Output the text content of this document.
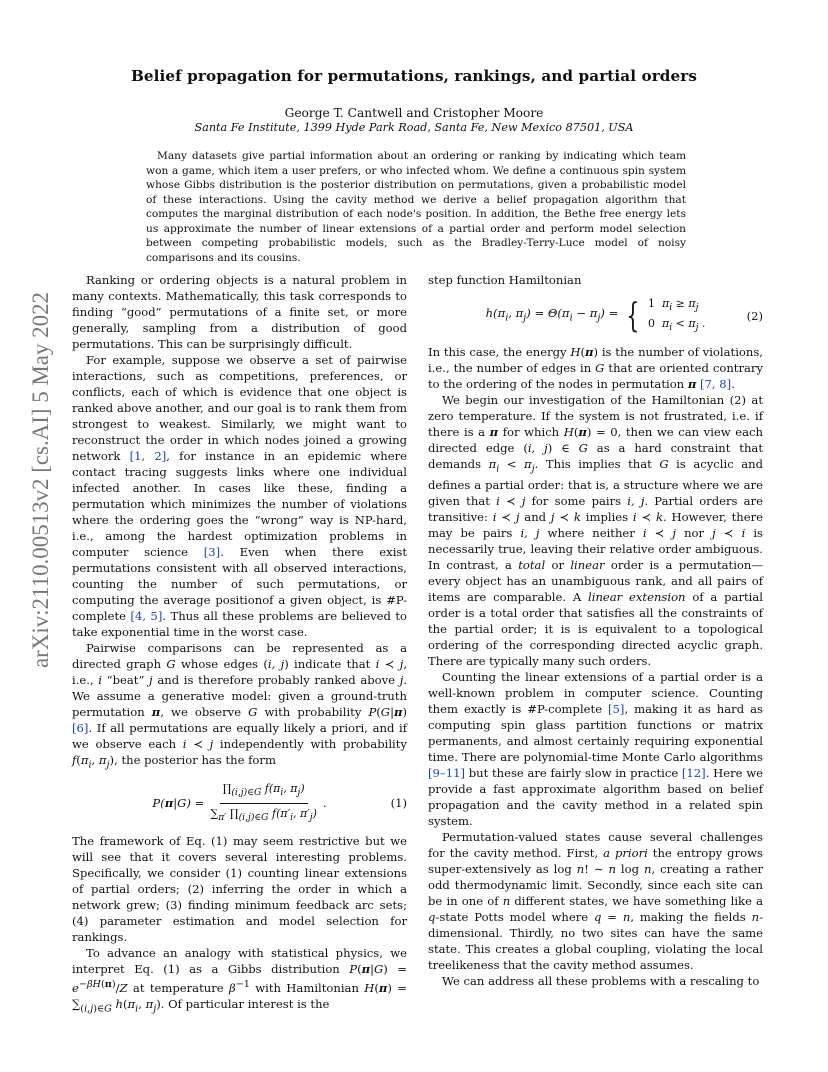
Belief propagation for permutations, rankings, and partial orders
George T. Cantwell and Cristopher Moore
Santa Fe Institute, 1399 Hyde Park Road, Santa Fe, New Mexico 87501, USA
Many datasets give partial information about an ordering or ranking by indicating which team won a game, which item a user prefers, or who infected whom. We define a continuous spin system whose Gibbs distribution is the posterior distribution on permutations, given a probabilistic model of these interactions. Using the cavity method we derive a belief propagation algorithm that computes the marginal distribution of each node's position. In addition, the Bethe free energy lets us approximate the number of linear extensions of a partial order and perform model selection between competing probabilistic models, such as the Bradley-Terry-Luce model of noisy comparisons and its cousins.
arXiv:2110.00513v2 [cs.AI] 5 May 2022

Ranking or ordering objects is a natural problem in many contexts. Mathematically, this task corresponds to finding “good” permutations of a finite set, or more generally, sampling from a distribution of good permutations. This can be surprisingly difficult.

For example, suppose we observe a set of pairwise interactions, such as competitions, preferences, or conflicts, each of which is evidence that one object is ranked above another, and our goal is to rank them from strongest to weakest. Similarly, we might want to reconstruct the order in which nodes joined a growing network [1, 2], for instance in an epidemic where contact tracing suggests links where one individual infected another. In cases like these, finding a permutation which minimizes the number of violations where the ordering goes the “wrong” way is NP-hard, i.e., among the hardest optimization problems in computer science [3]. Even when there exist permutations consistent with all observed interactions, counting the number of such permutations, or computing the average positionof a given object, is #P-complete [4, 5]. Thus all these problems are believed to take exponential time in the worst case.

Pairwise comparisons can be represented as a directed graph G whose edges (i, j) indicate that i ≺ j, i.e., i “beat” j and is therefore probably ranked above j. We assume a generative model: given a ground-truth permutation π, we observe G with probability P(G|π) [6]. If all permutations are equally likely a priori, and if we observe each i ≺ j independently with probability $f(\pi_i$, $\pi_j$), the posterior has the form

$P(\pi|G) = \frac{\prod_{(i,j)\in G} f(\pi_i, \pi_j)}{\sum_{\pi'} \prod_{(i,j)\in G} f(\pi'_i, \pi'_j)}$ .	(1)

The framework of Eq. (1) may seem restrictive but we will see that it covers several interesting problems. Specifically, we consider (1) counting linear extensions of partial orders; (2) inferring the order in which a network grew; (3) finding minimum feedback arc sets; (4) parameter estimation and model selection for rankings.

To advance an analogy with statistical physics, we interpret Eq. (1) as a Gibbs distribution $P(\pi|G) = e^{-\beta H(\pi)}/Z$ at temperature $\beta^{-1}$ with Hamiltonian $H(\pi) = \sum_{(i,j)\in G}$ $h(\pi_i$, $\pi_j$). Of particular interest is the

step function Hamiltonian

$h(\pi_i$, $\pi_j) = \Theta(\pi_i - \pi_j)$ = { 1  $\pi_i \ge \pi_j$
0  $\pi_i < \pi_j$ .
(2)

In this case, the energy H(π) is the number of violations, i.e., the number of edges in G that are oriented contrary to the ordering of the nodes in permutation π [7, 8].

We begin our investigation of the Hamiltonian (2) at zero temperature. If the system is not frustrated, i.e. if there is a π for which H(π) = 0, then we can view each directed edge (i, j) ∈ G as a hard constraint that demands $\pi_i < \pi_j$. This implies that G is acyclic and defines a partial order: that is, a structure where we are given that i ≺ j for some pairs i, j. Partial orders are transitive: i ≺ j and j ≺ k implies i ≺ k. However, there may be pairs i, j where neither i ≺ j nor j ≺ i is necessarily true, leaving their relative order ambiguous. In contrast, a total or linear order is a permutation—every object has an unambiguous rank, and all pairs of items are comparable. A linear extension of a partial order is a total order that satisfies all the constraints of the partial order; it is is equivalent to a topological ordering of the corresponding directed acyclic graph. There are typically many such orders.

Counting the linear extensions of a partial order is a well-known problem in computer science. Counting them exactly is #P-complete [5], making it as hard as computing spin glass partition functions or matrix permanents, and almost certainly requiring exponential time. There are polynomial-time Monte Carlo algorithms [9–11] but these are fairly slow in practice [12]. Here we provide a fast approximate algorithm based on belief propagation and the cavity method in a related spin system.

Permutation-valued states cause several challenges for the cavity method. First, a priori the entropy grows super-extensively as log n! ∼ n log n, creating a rather odd thermodynamic limit. Secondly, since each site can be in one of n different states, we have something like a q-state Potts model where q = n, making the fields n-dimensional. Thirdly, no two sites can have the same state. This creates a global coupling, violating the local treelikeness that the cavity method assumes.

We can address all these problems with a rescaling to
